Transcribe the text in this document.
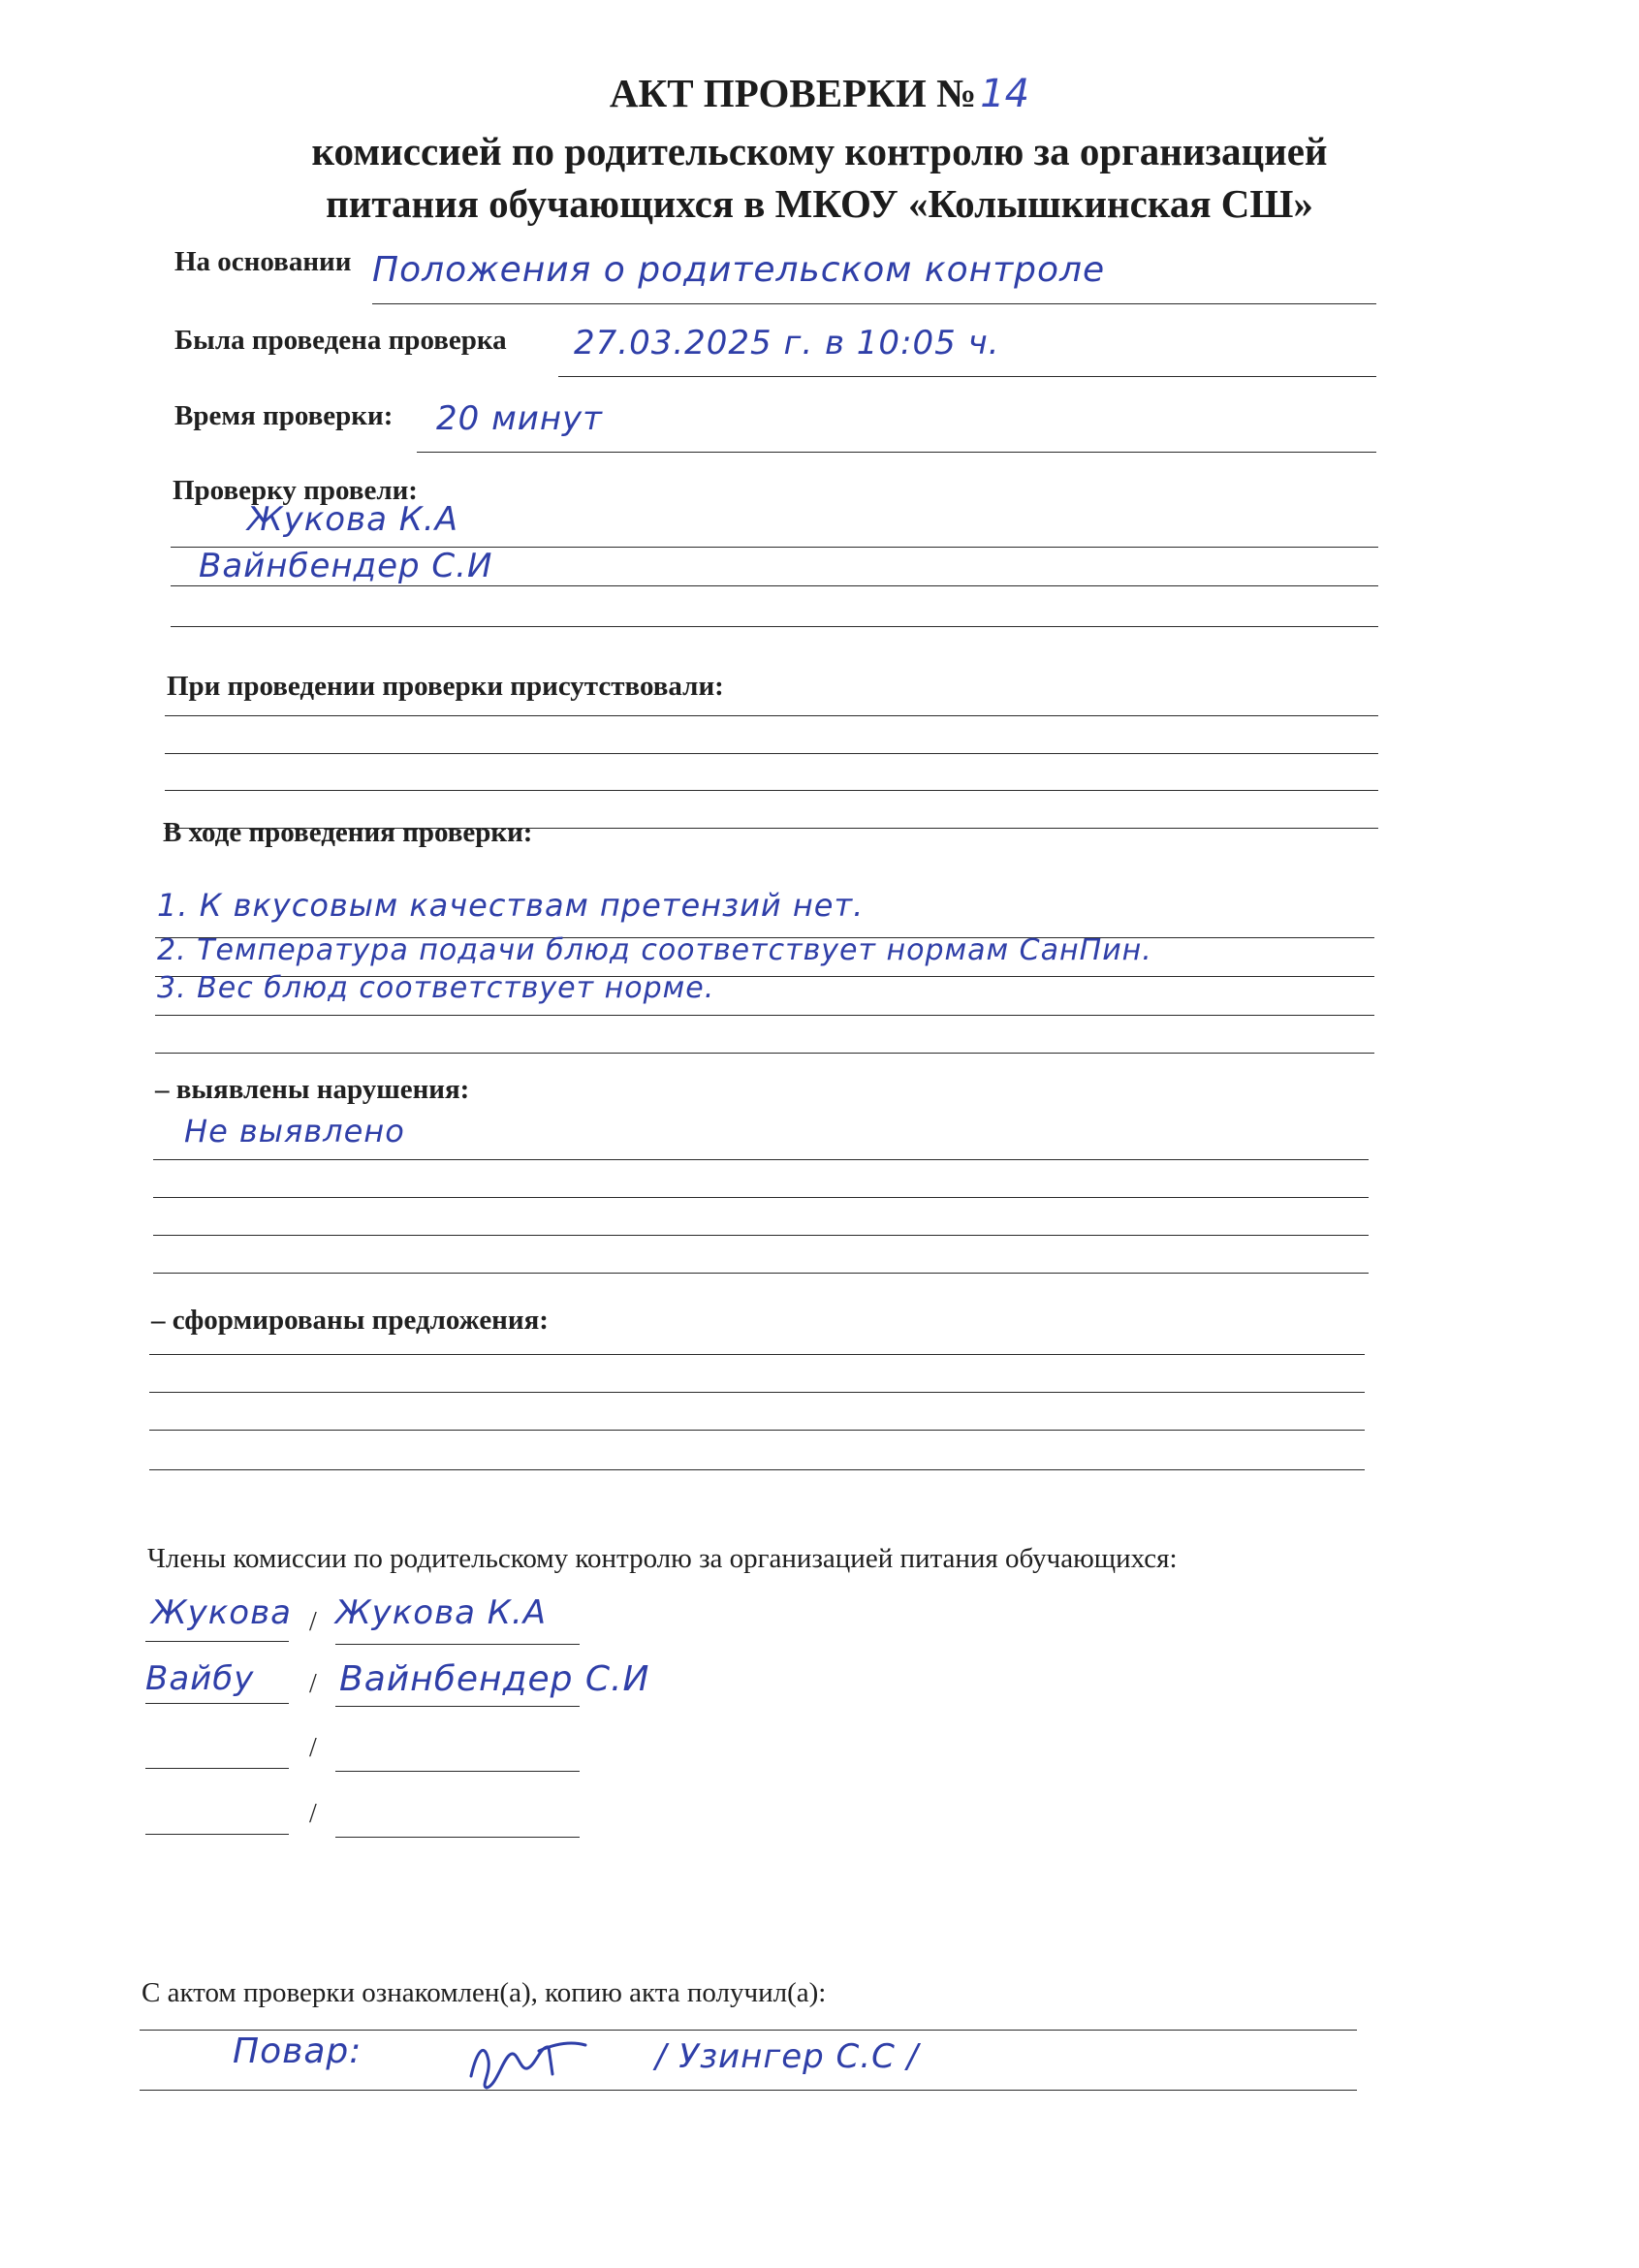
АКТ ПРОВЕРКИ № 14
комиссией по родительскому контролю за организацией
питания обучающихся в МКОУ «Колышкинская СШ»
На основании Положения о родительском контроле
Была проведена проверка 27.03.2025 г. в 10:05 ч.
Время проверки: 20 минут
Проверку провели:
Жукова К.А
Вайнбендер С.И
При проведении проверки присутствовали:
В ходе проведения проверки:
1. К вкусовым качествам претензий нет.
2. Температура подачи блюд соответствует нормам СанПин.
3. Вес блюд соответствует норме.
– выявлены нарушения:
Не выявлено
– сформированы предложения:
Члены комиссии по родительскому контролю за организацией питания обучающихся:
Жукова / Жукова К.А
Вайбу / Вайнбендер С.И
/
/
С актом проверки ознакомлен(а), копию акта получил(а):
Повар:	/ Узингер С.С /
